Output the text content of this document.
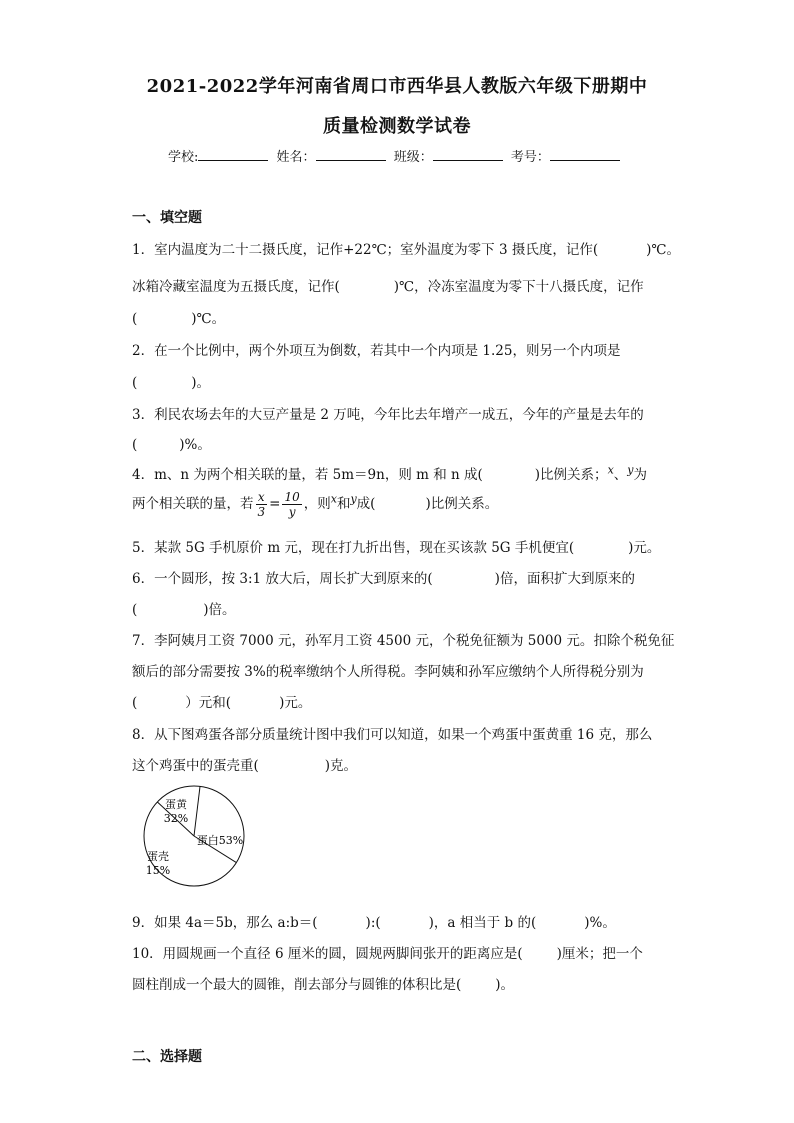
2021-2022学年河南省周口市西华县人教版六年级下册期中
质量检测数学试卷
学校:	姓名：	班级：	考号：
一、填空题
1．室内温度为二十二摄氏度，记作+22℃；室外温度为零下 3 摄氏度，记作(	)℃。
冰箱冷藏室温度为五摄氏度，记作(	)℃，冷冻室温度为零下十八摄氏度，记作
(	)℃。
2．在一个比例中，两个外项互为倒数，若其中一个内项是 1.25，则另一个内项是
(	)。
3．利民农场去年的大豆产量是 2 万吨，今年比去年增产一成五，今年的产量是去年的
(	)%。
4．m、n 为两个相关联的量，若 5m＝9n，则 m 和 n 成(	)比例关系；$^x$、$^y$为
两个相关联的量，若 $\frac{x}{3} = \frac{10}{y}$ ，则$^x$和$^y$成(	)比例关系。
5．某款 5G 手机原价 m 元，现在打九折出售，现在买该款 5G 手机便宜(	)元。
6．一个圆形，按 3:1 放大后，周长扩大到原来的(	)倍，面积扩大到原来的
(	)倍。
7．李阿姨月工资 7000 元，孙军月工资 4500 元，个税免征额为 5000 元。扣除个税免征
额后的部分需要按 3%的税率缴纳个人所得税。李阿姨和孙军应缴纳个人所得税分别为
(	）元和(	)元。
8．从下图鸡蛋各部分质量统计图中我们可以知道，如果一个鸡蛋中蛋黄重 16 克，那么
这个鸡蛋中的蛋壳重(	)克。
蛋黄
32%
蛋白53%
蛋壳
15%
9．如果 4a＝5b，那么 a:b＝(	):(	)，a 相当于 b 的(	)%。
10．用圆规画一个直径 6 厘米的圆，圆规两脚间张开的距离应是(	)厘米；把一个
圆柱削成一个最大的圆锥，削去部分与圆锥的体积比是(	)。
二、选择题
